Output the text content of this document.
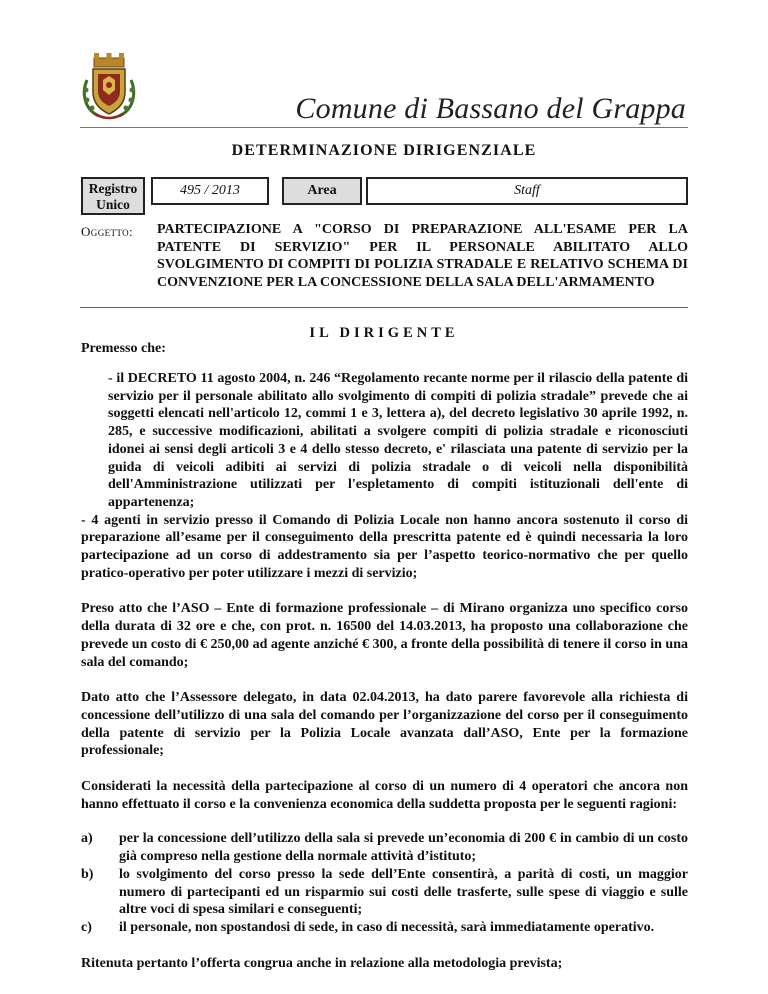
Comune di Bassano del Grappa
DETERMINAZIONE DIRIGENZIALE
Registro Unico
495 / 2013	Area	Staff
Oggetto: PARTECIPAZIONE A "CORSO DI PREPARAZIONE ALL'ESAME PER LA PATENTE DI SERVIZIO" PER IL PERSONALE ABILITATO ALLO SVOLGIMENTO DI COMPITI DI POLIZIA STRADALE E RELATIVO SCHEMA DI CONVENZIONE PER LA CONCESSIONE DELLA SALA DELL'ARMAMENTO
IL DIRIGENTE
Premesso che:

- il DECRETO 11 agosto 2004, n. 246 “Regolamento recante norme per il rilascio della patente di servizio per il personale abilitato allo svolgimento di compiti di polizia stradale” prevede che ai soggetti elencati nell'articolo 12, commi 1 e 3, lettera a), del decreto legislativo 30 aprile 1992, n. 285, e successive modificazioni, abilitati a svolgere compiti di polizia stradale e riconosciuti idonei ai sensi degli articoli 3 e 4 dello stesso decreto, e' rilasciata una patente di servizio per la guida di veicoli adibiti ai servizi di polizia stradale o di veicoli nella disponibilità dell'Amministrazione utilizzati per l'espletamento di compiti istituzionali dell'ente di appartenenza;

- 4 agenti in servizio presso il Comando di Polizia Locale non hanno ancora sostenuto il corso di preparazione all’esame per il conseguimento della prescritta patente ed è quindi necessaria la loro partecipazione ad un corso di addestramento sia per l’aspetto teorico-normativo che per quello pratico-operativo per poter utilizzare i mezzi di servizio;

Preso atto che l’ASO – Ente di formazione professionale – di Mirano organizza uno specifico corso della durata di 32 ore e che, con prot. n. 16500 del 14.03.2013, ha proposto una collaborazione che prevede un costo di € 250,00 ad agente anziché € 300, a fronte della possibilità di tenere il corso in una sala del comando;

Dato atto che l’Assessore delegato, in data 02.04.2013, ha dato parere favorevole alla richiesta di concessione dell’utilizzo di una sala del comando per l’organizzazione del corso per il conseguimento della patente di servizio per la Polizia Locale avanzata dall’ASO, Ente per la formazione professionale;

Considerati la necessità della partecipazione al corso di un numero di 4 operatori che ancora non hanno effettuato il corso e la convenienza economica della suddetta proposta per le seguenti ragioni:

a) per la concessione dell’utilizzo della sala si prevede un’economia di 200 € in cambio di un costo già compreso nella gestione della normale attività d’istituto;
b) lo svolgimento del corso presso la sede dell’Ente consentirà, a parità di costi, un maggior numero di partecipanti ed un risparmio sui costi delle trasferte, sulle spese di viaggio e sulle altre voci di spesa similari e conseguenti;
c) il personale, non spostandosi di sede, in caso di necessità, sarà immediatamente operativo.

Ritenuta pertanto l’offerta congrua anche in relazione alla metodologia prevista;
